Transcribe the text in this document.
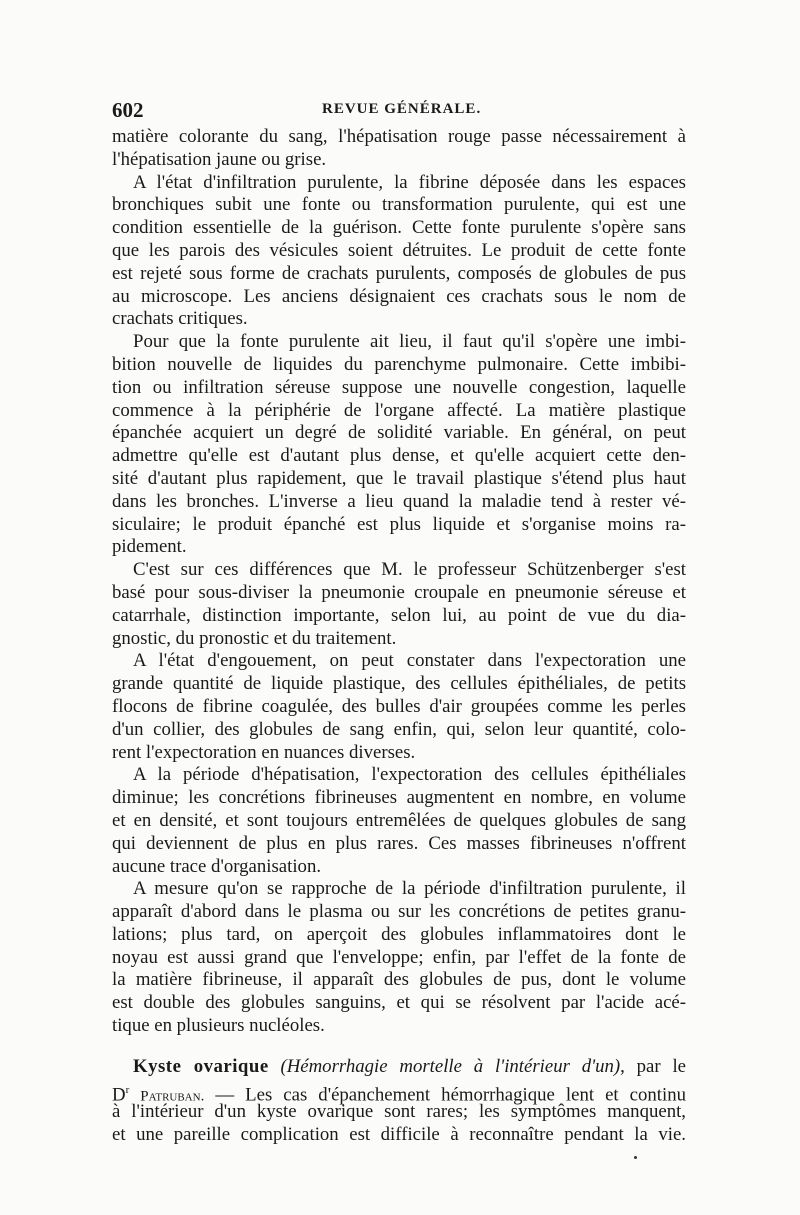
602	REVUE GÉNÉRALE.
matière colorante du sang, l'hépatisation rouge passe nécessairement à
l'hépatisation jaune ou grise.
A l'état d'infiltration purulente, la fibrine déposée dans les espaces
bronchiques subit une fonte ou transformation purulente, qui est une
condition essentielle de la guérison. Cette fonte purulente s'opère sans
que les parois des vésicules soient détruites. Le produit de cette fonte
est rejeté sous forme de crachats purulents, composés de globules de pus
au microscope. Les anciens désignaient ces crachats sous le nom de
crachats critiques.
Pour que la fonte purulente ait lieu, il faut qu'il s'opère une imbi-
bition nouvelle de liquides du parenchyme pulmonaire. Cette imbibi-
tion ou infiltration séreuse suppose une nouvelle congestion, laquelle
commence à la périphérie de l'organe affecté. La matière plastique
épanchée acquiert un degré de solidité variable. En général, on peut
admettre qu'elle est d'autant plus dense, et qu'elle acquiert cette den-
sité d'autant plus rapidement, que le travail plastique s'étend plus haut
dans les bronches. L'inverse a lieu quand la maladie tend à rester vé-
siculaire; le produit épanché est plus liquide et s'organise moins ra-
pidement.
C'est sur ces différences que M. le professeur Schützenberger s'est
basé pour sous-diviser la pneumonie croupale en pneumonie séreuse et
catarrhale, distinction importante, selon lui, au point de vue du dia-
gnostic, du pronostic et du traitement.
A l'état d'engouement, on peut constater dans l'expectoration une
grande quantité de liquide plastique, des cellules épithéliales, de petits
flocons de fibrine coagulée, des bulles d'air groupées comme les perles
d'un collier, des globules de sang enfin, qui, selon leur quantité, colo-
rent l'expectoration en nuances diverses.
A la période d'hépatisation, l'expectoration des cellules épithéliales
diminue; les concrétions fibrineuses augmentent en nombre, en volume
et en densité, et sont toujours entremêlées de quelques globules de sang
qui deviennent de plus en plus rares. Ces masses fibrineuses n'offrent
aucune trace d'organisation.
A mesure qu'on se rapproche de la période d'infiltration purulente, il
apparaît d'abord dans le plasma ou sur les concrétions de petites granu-
lations; plus tard, on aperçoit des globules inflammatoires dont le
noyau est aussi grand que l'enveloppe; enfin, par l'effet de la fonte de
la matière fibrineuse, il apparaît des globules de pus, dont le volume
est double des globules sanguins, et qui se résolvent par l'acide acé-
tique en plusieurs nucléoles.
Kyste ovarique (Hémorrhagie mortelle à l'intérieur d'un), par le
$D^r$ Patruban. — Les cas d'épanchement hémorrhagique lent et continu
à l'intérieur d'un kyste ovarique sont rares; les symptômes manquent,
et une pareille complication est difficile à reconnaître pendant la vie.
